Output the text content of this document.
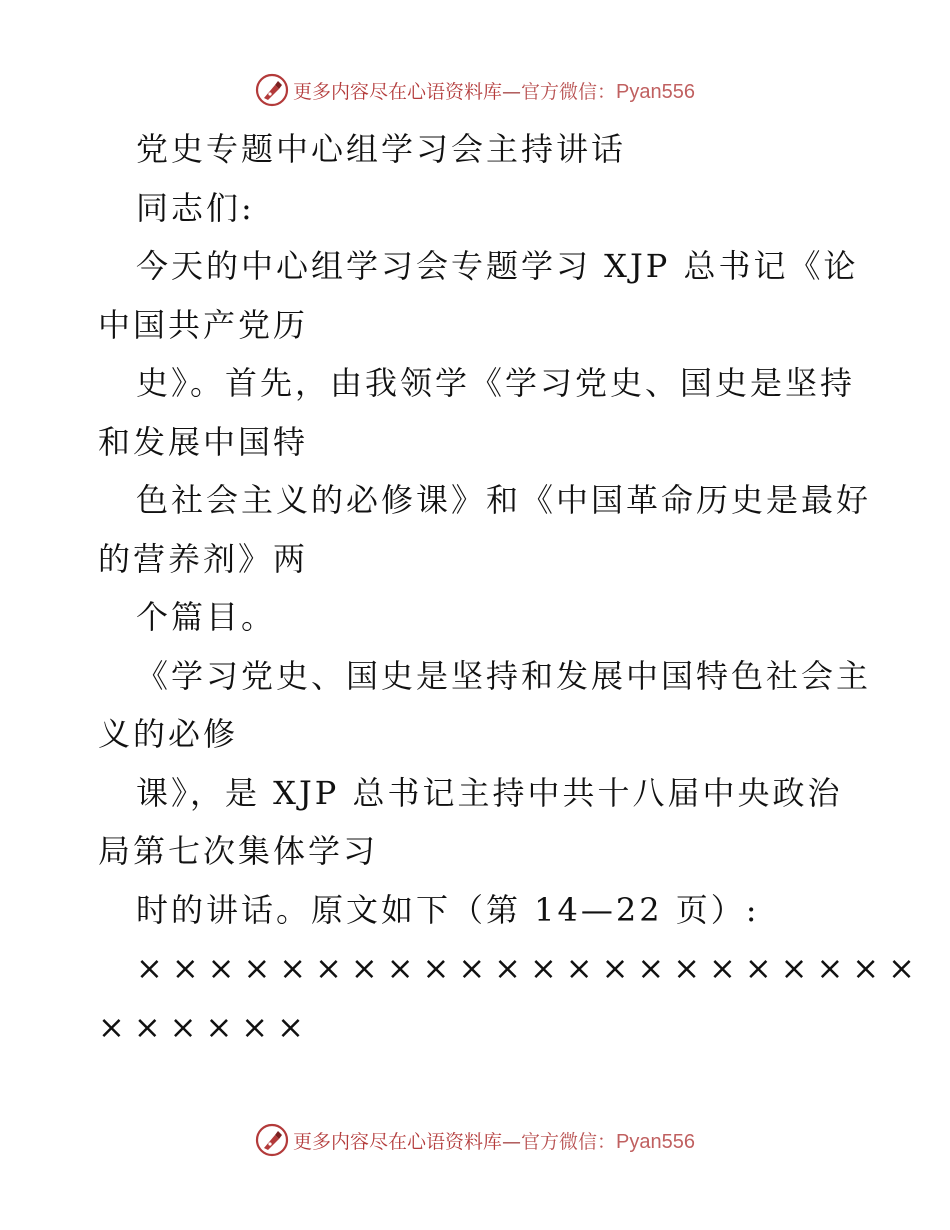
更多内容尽在心语资料库—官方微信：Pyan556
党史专题中心组学习会主持讲话
同志们:
今天的中心组学习会专题学习 XJP 总书记《论
中国共产党历
史》。首先，由我领学《学习党史、国史是坚持
和发展中国特
色社会主义的必修课》和《中国革命历史是最好
的营养剂》两
个篇目。
《学习党史、国史是坚持和发展中国特色社会主
义的必修
课》，是 XJP 总书记主持中共十八届中央政治
局第七次集体学习
时的讲话。原文如下（第 14—22 页）:
××××××××××××××××××××××
××××××
更多内容尽在心语资料库—官方微信：Pyan556
